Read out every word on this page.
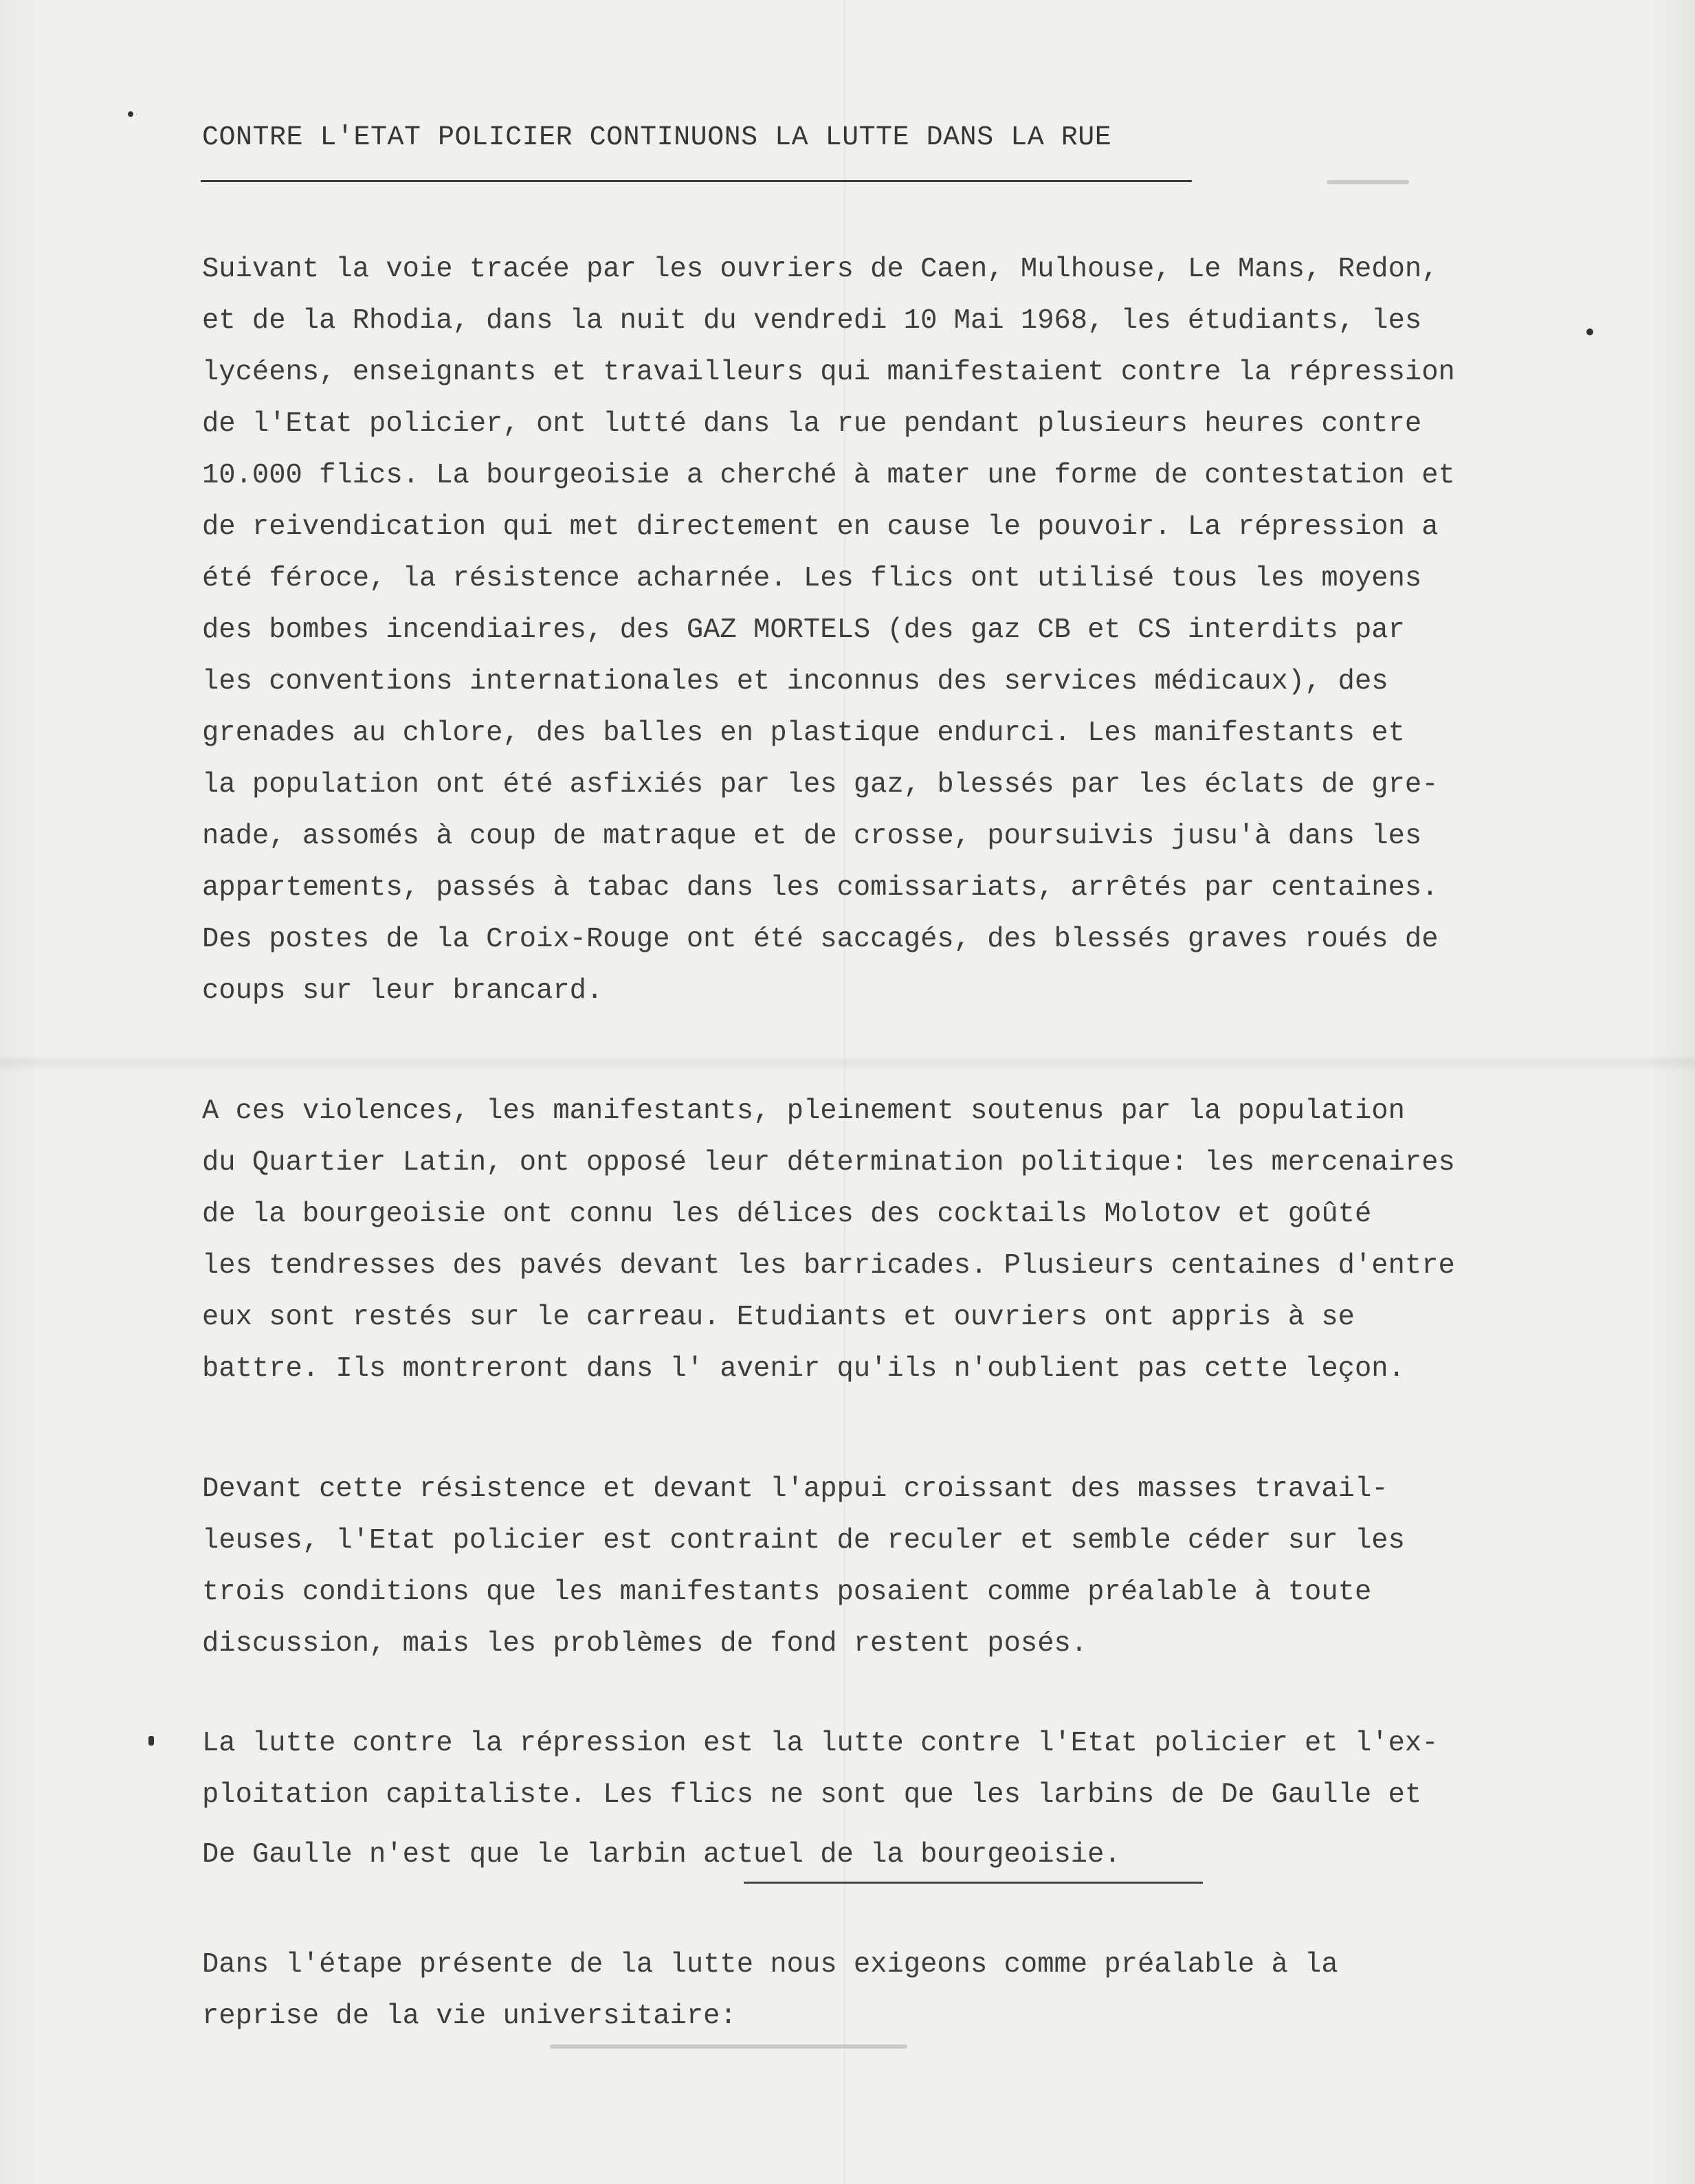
CONTRE L'ETAT POLICIER CONTINUONS LA LUTTE DANS LA RUE
Suivant la voie tracée par les ouvriers de Caen, Mulhouse, Le Mans, Redon,
et de la Rhodia, dans la nuit du vendredi 10 Mai 1968, les étudiants, les
lycéens, enseignants et travailleurs qui manifestaient contre la répression
de l'Etat policier, ont lutté dans la rue pendant plusieurs heures contre
10.000 flics. La bourgeoisie a cherché à mater une forme de contestation et
de reivendication qui met directement en cause le pouvoir. La répression a
été féroce, la résistence acharnée. Les flics ont utilisé tous les moyens
des bombes incendiaires, des GAZ MORTELS (des gaz CB et CS interdits par
les conventions internationales et inconnus des services médicaux), des
grenades au chlore, des balles en plastique endurci. Les manifestants et
la population ont été asfixiés par les gaz, blessés par les éclats de gre-
nade, assomés à coup de matraque et de crosse, poursuivis jusu'à dans les
appartements, passés à tabac dans les comissariats, arrêtés par centaines.
Des postes de la Croix-Rouge ont été saccagés, des blessés graves roués de
coups sur leur brancard.
A ces violences, les manifestants, pleinement soutenus par la population
du Quartier Latin, ont opposé leur détermination politique: les mercenaires
de la bourgeoisie ont connu les délices des cocktails Molotov et goûté
les tendresses des pavés devant les barricades. Plusieurs centaines d'entre
eux sont restés sur le carreau. Etudiants et ouvriers ont appris à se
battre. Ils montreront dans l' avenir qu'ils n'oublient pas cette leçon.
Devant cette résistence et devant l'appui croissant des masses travail-
leuses, l'Etat policier est contraint de reculer et semble céder sur les
trois conditions que les manifestants posaient comme préalable à toute
discussion, mais les problèmes de fond restent posés.
La lutte contre la répression est la lutte contre l'Etat policier et l'ex-
ploitation capitaliste. Les flics ne sont que les larbins de De Gaulle et
De Gaulle n'est que le larbin actuel de la bourgeoisie.
Dans l'étape présente de la lutte nous exigeons comme préalable à la
reprise de la vie universitaire:
